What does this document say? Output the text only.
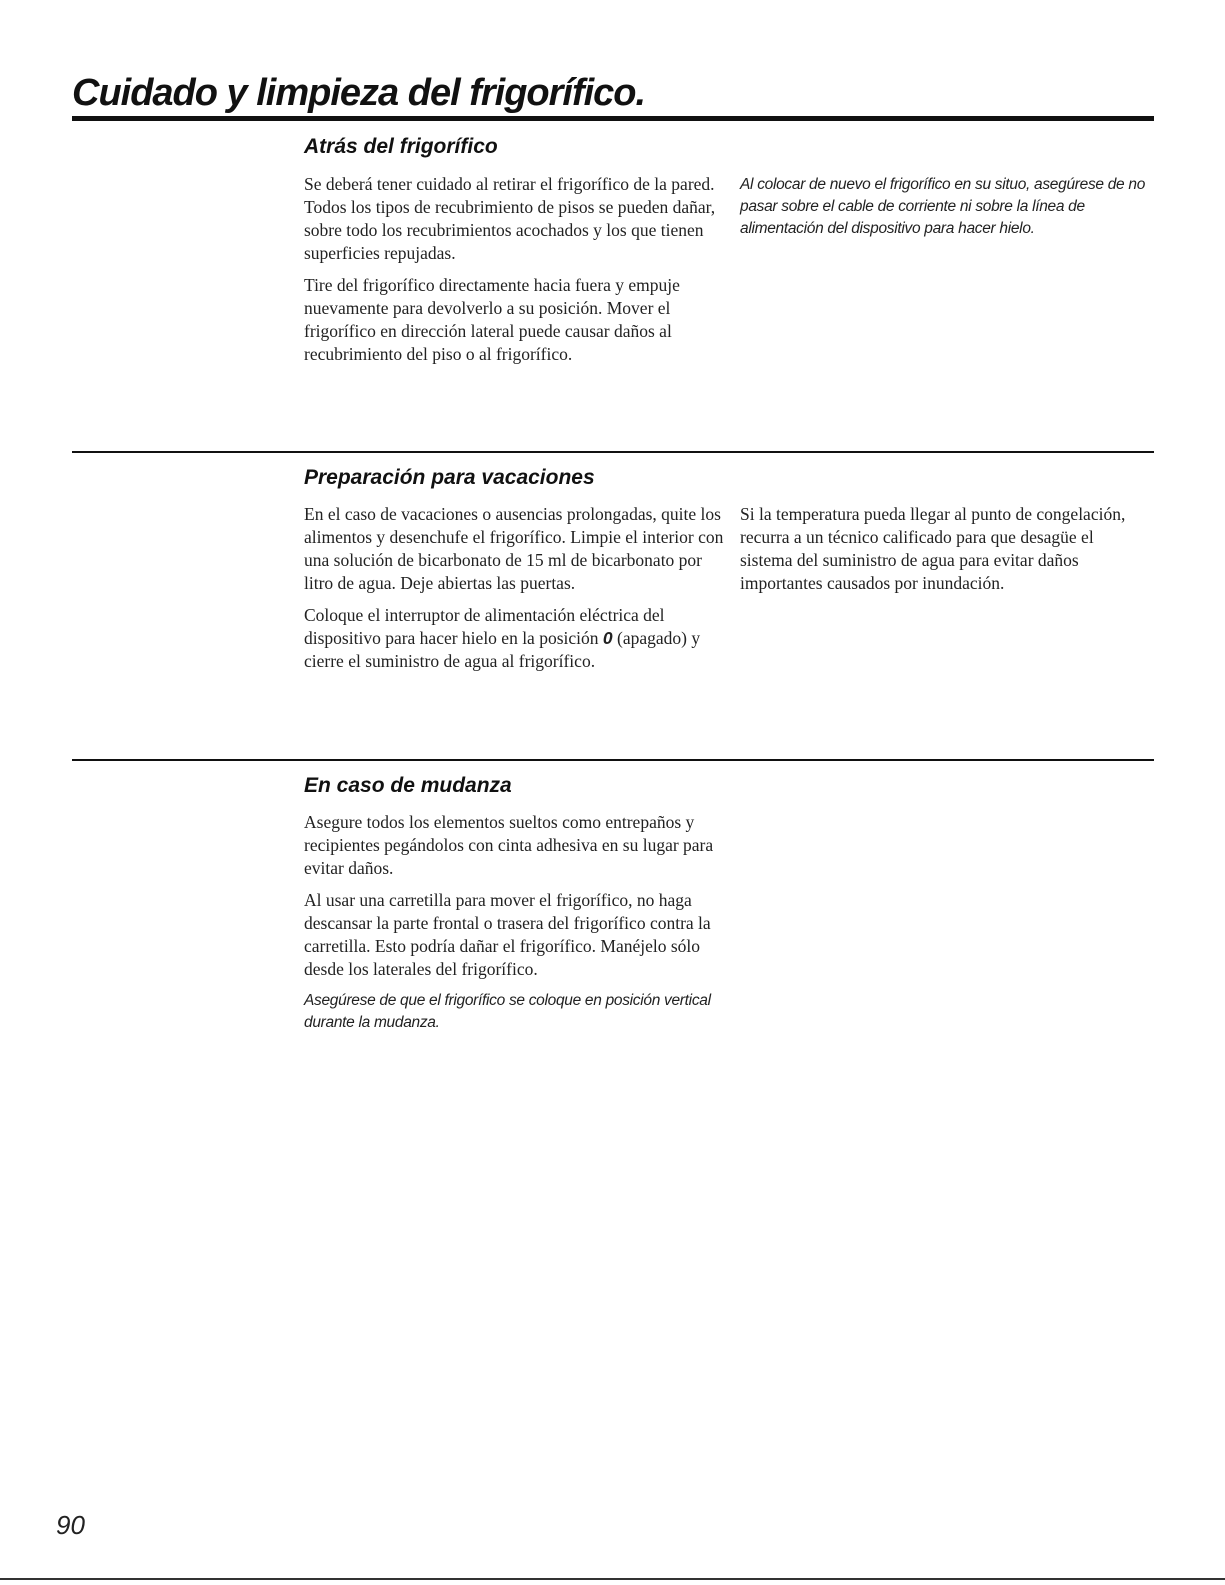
Cuidado y limpieza del frigorífico.
Atrás del frigorífico

Se deberá tener cuidado al retirar el frigorífico de la pared. Todos los tipos de recubrimiento de pisos se pueden dañar, sobre todo los recubrimientos acochados y los que tienen superficies repujadas.

Tire del frigorífico directamente hacia fuera y empuje nuevamente para devolverlo a su posición. Mover el frigorífico en dirección lateral puede causar daños al recubrimiento del piso o al frigorífico.

Al colocar de nuevo el frigorífico en su situo, asegúrese de no pasar sobre el cable de corriente ni sobre la línea de alimentación del dispositivo para hacer hielo.
Preparación para vacaciones

En el caso de vacaciones o ausencias prolongadas, quite los alimentos y desenchufe el frigorífico. Limpie el interior con una solución de bicarbonato de 15 ml de bicarbonato por litro de agua. Deje abiertas las puertas.

Coloque el interruptor de alimentación eléctrica del dispositivo para hacer hielo en la posición 0 (apagado) y cierre el suministro de agua al frigorífico.

Si la temperatura pueda llegar al punto de congelación, recurra a un técnico calificado para que desagüe el sistema del suministro de agua para evitar daños importantes causados por inundación.

En caso de mudanza

Asegure todos los elementos sueltos como entrepaños y recipientes pegándolos con cinta adhesiva en su lugar para evitar daños.

Al usar una carretilla para mover el frigorífico, no haga descansar la parte frontal o trasera del frigorífico contra la carretilla. Esto podría dañar el frigorífico. Manéjelo sólo desde los laterales del frigorífico.

Asegúrese de que el frigorífico se coloque en posición vertical durante la mudanza.

90
